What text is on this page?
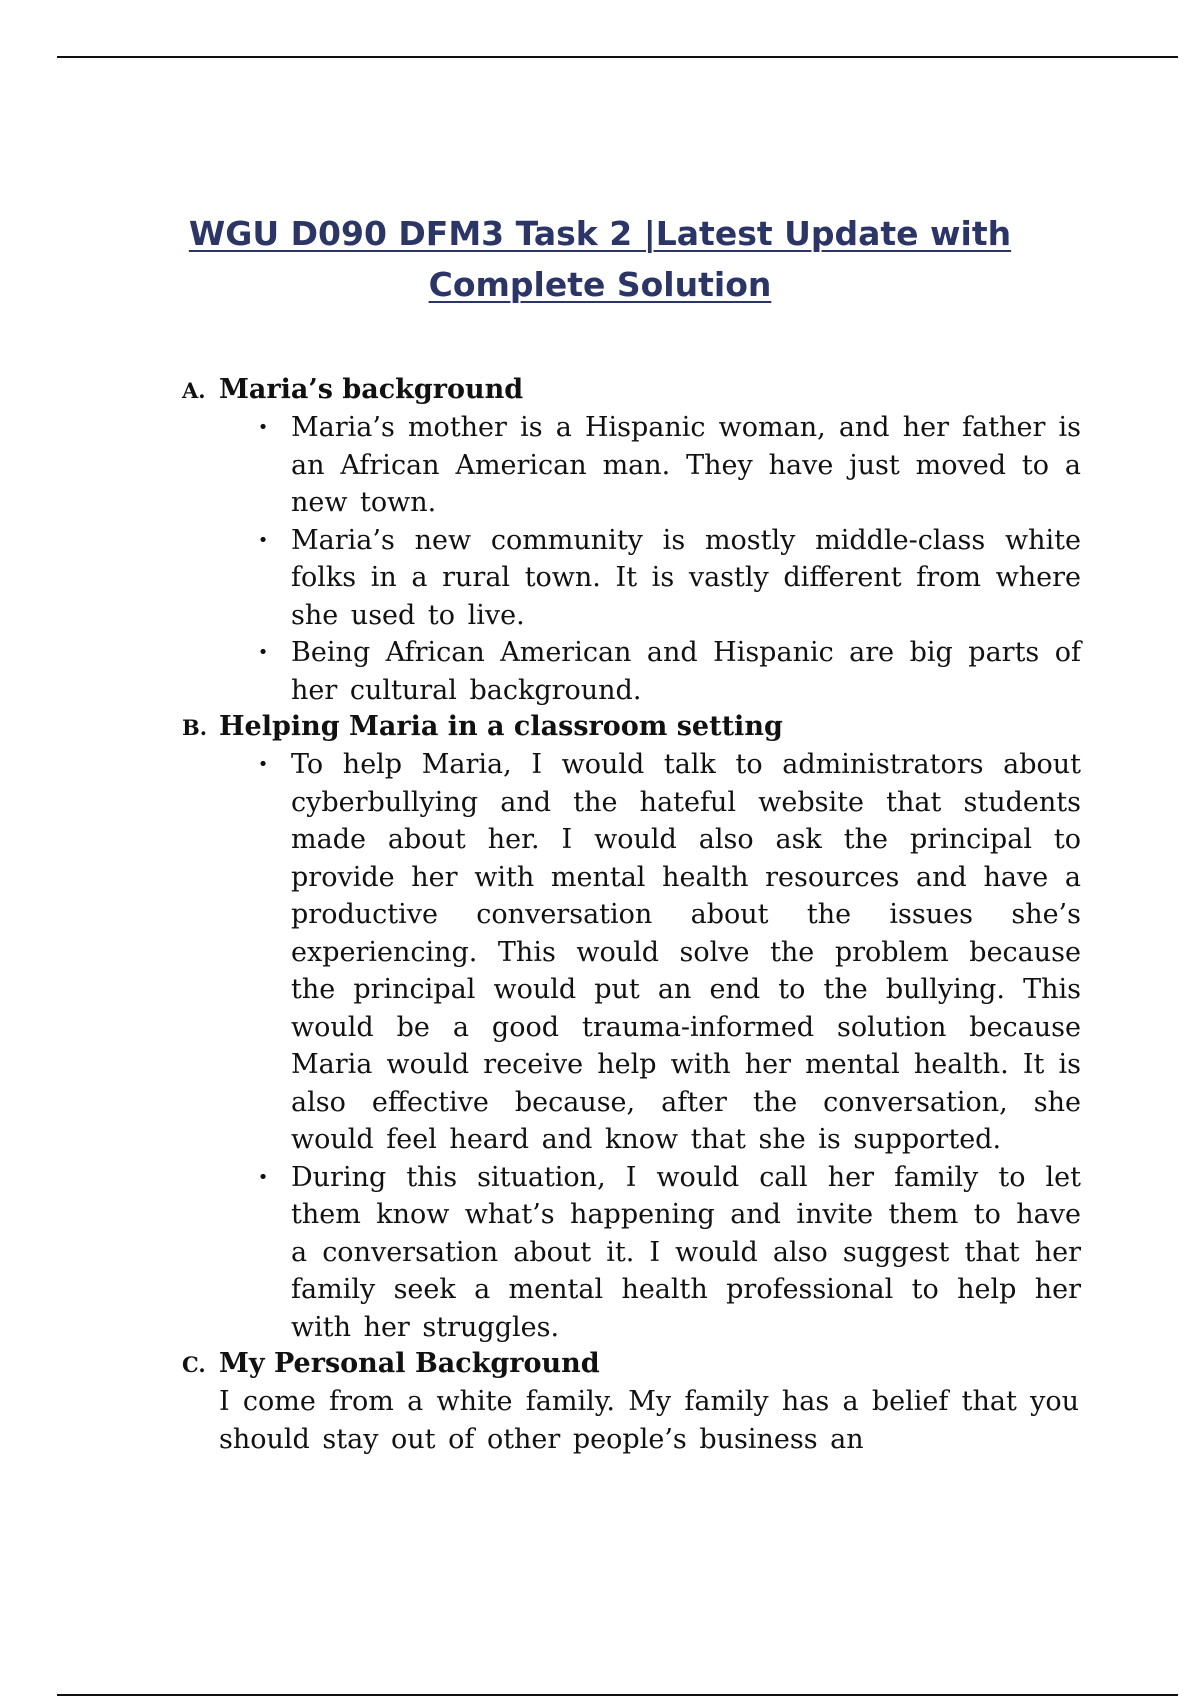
WGU D090 DFM3 Task 2 |Latest Update with
Complete Solution
A. Maria’s background
• Maria’s mother is a Hispanic woman, and her father is an African American man. They have just moved to a new town.
• Maria’s new community is mostly middle-class white folks in a rural town. It is vastly different from where she used to live.
• Being African American and Hispanic are big parts of her cultural background.
B. Helping Maria in a classroom setting
• To help Maria, I would talk to administrators about cyberbullying and the hateful website that students made about her. I would also ask the principal to provide her with mental health resources and have a productive conversation about the issues she’s experiencing. This would solve the problem because the principal would put an end to the bullying. This would be a good trauma-informed solution because Maria would receive help with her mental health. It is also effective because, after the conversation, she would feel heard and know that she is supported.
• During this situation, I would call her family to let them know what’s happening and invite them to have a conversation about it. I would also suggest that her family seek a mental health professional to help her with her struggles.
C. My Personal Background

I come from a white family. My family has a belief that you should stay out of other people’s business an
